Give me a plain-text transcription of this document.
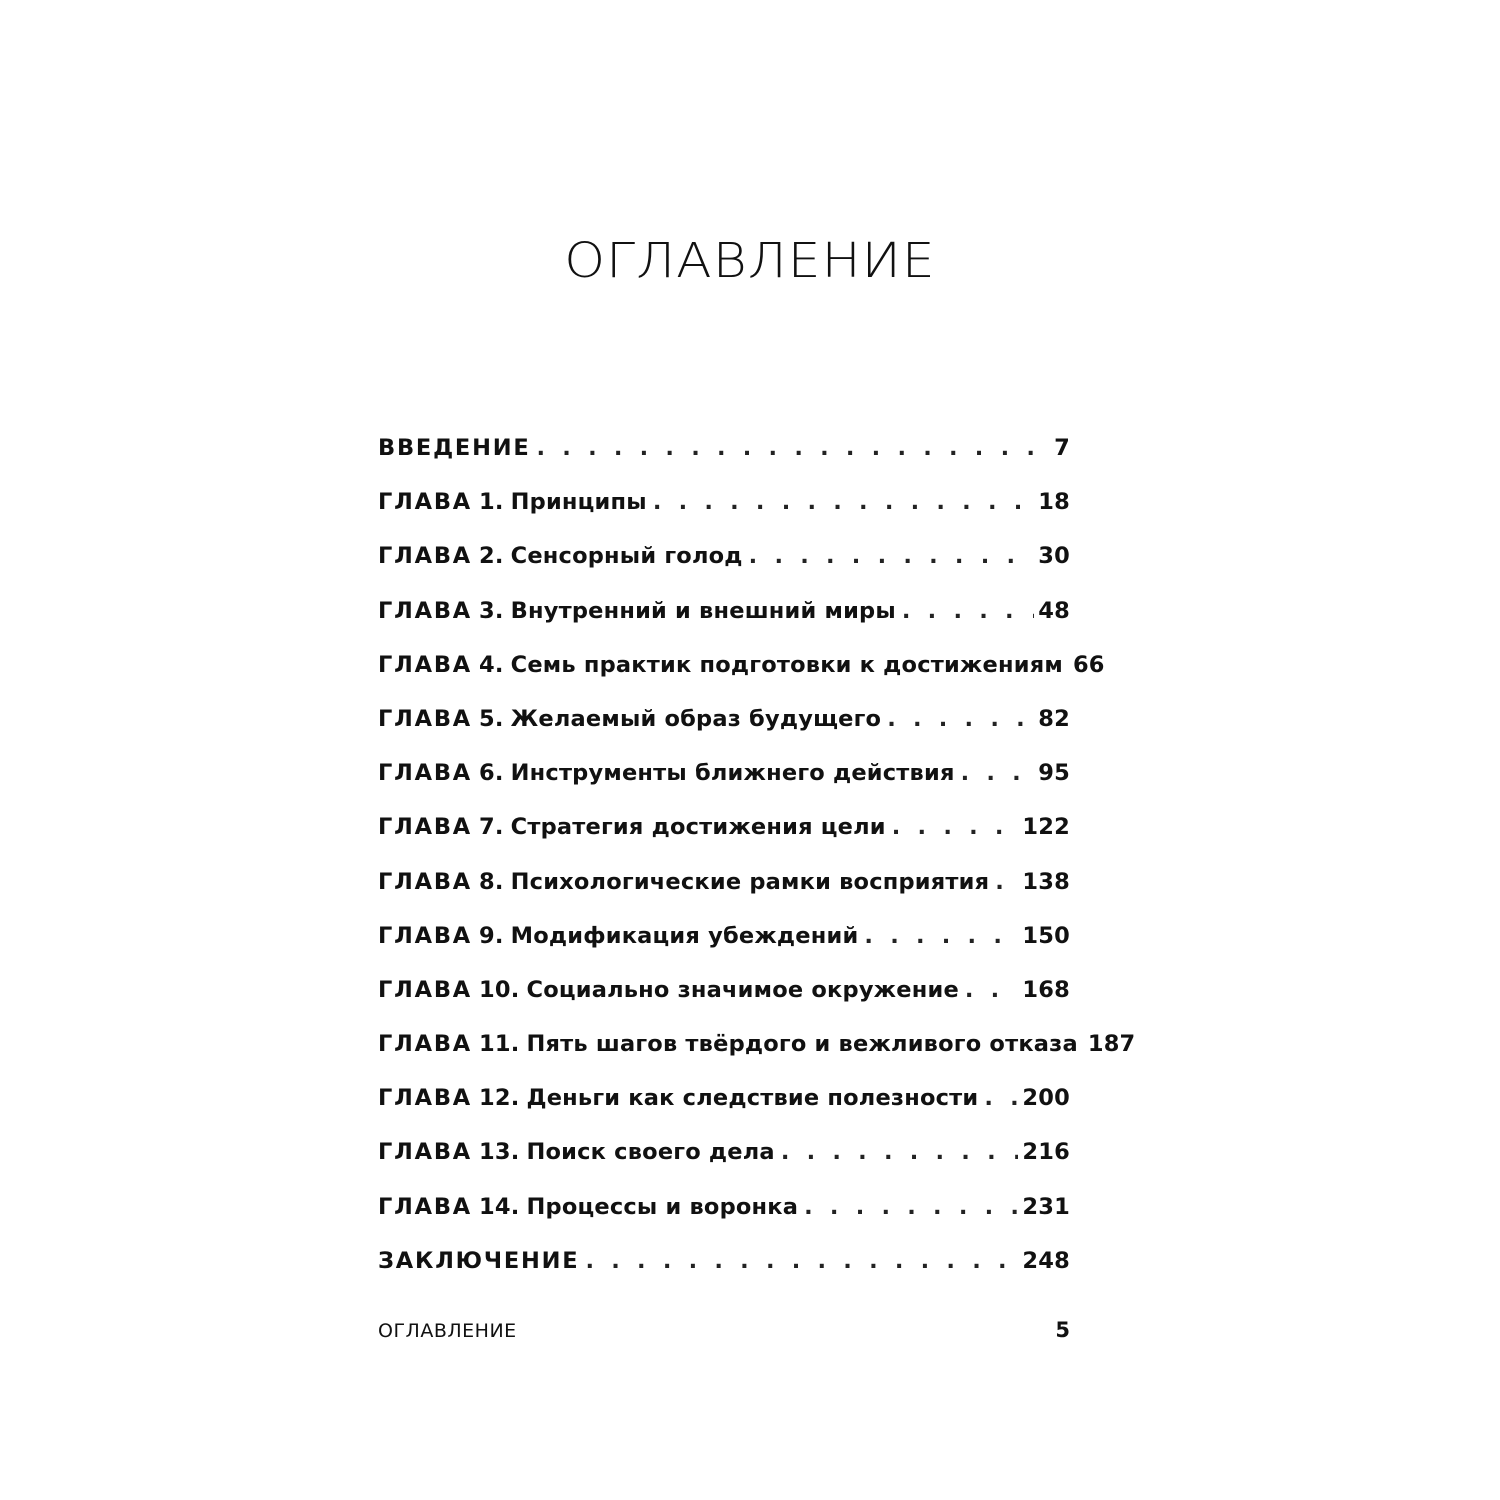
ОГЛАВЛЕНИЕ
ВВЕДЕНИЕ . . .	7
ГЛАВА 1. Принципы . . .	18
ГЛАВА 2. Сенсорный голод . . .	30
ГЛАВА 3. Внутренний и внешний миры . . .	48
ГЛАВА 4. Семь практик подготовки к достижениям 66
ГЛАВА 5. Желаемый образ будущего . . .	82
ГЛАВА 6. Инструменты ближнего действия . . .	95
ГЛАВА 7. Стратегия достижения цели . . .	122
ГЛАВА 8. Психологические рамки восприятия . . . 138
ГЛАВА 9. Модификация убеждений . . .	150
ГЛАВА 10. Социально значимое окружение . . .	168
ГЛАВА 11. Пять шагов твёрдого и вежливого отказа 187
ГЛАВА 12. Деньги как следствие полезности . . . 200
ГЛАВА 13. Поиск своего дела . . .	216
ГЛАВА 14. Процессы и воронка . . .	231
ЗАКЛЮЧЕНИЕ . . .	248
ОГЛАВЛЕНИЕ	5
